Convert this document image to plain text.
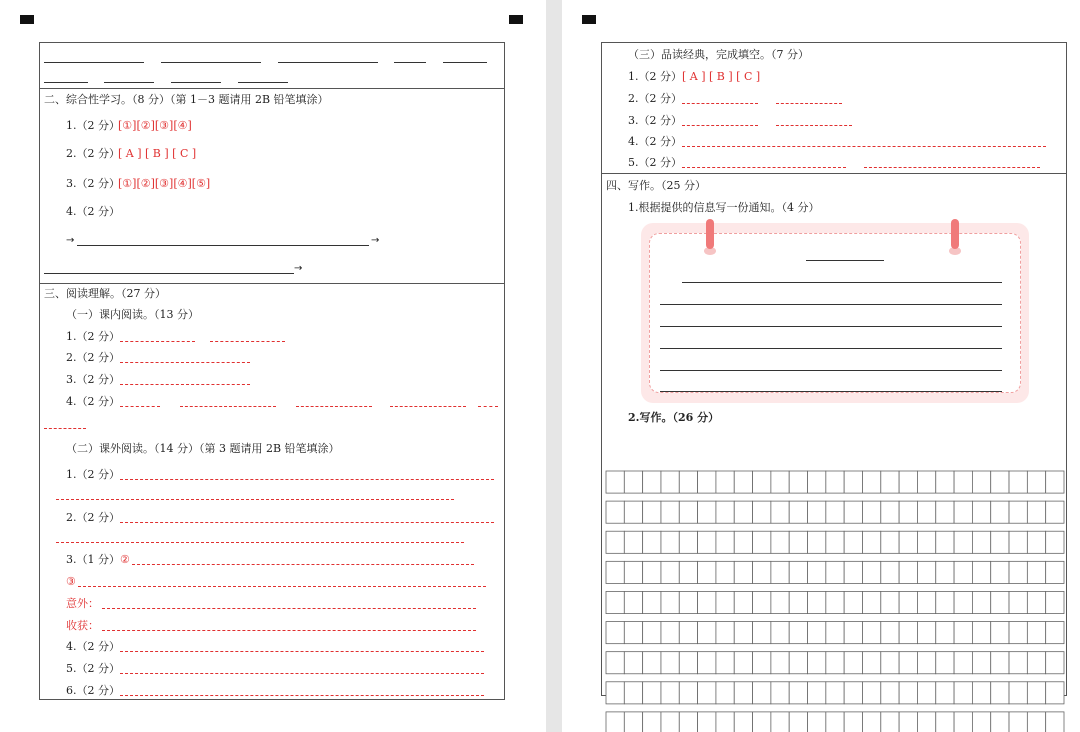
二、综合性学习。（8 分）（第 1－3 题请用 2B 铅笔填涂）
1.（2 分）
[①][②][③][④]
2.（2 分）
[ A ] [ B ] [ C ]
3.（2 分）
[①][②][③][④][⑤]
4.（2 分）
→	→
→
三、阅读理解。（27 分）
（一）课内阅读。（13 分）
1.（2 分）
2.（2 分）
3.（2 分）
4.（2 分）
（二）课外阅读。（14 分）（第 3 题请用 2B 铅笔填涂）
1.（2 分）
2.（2 分）
3.（1 分） ②
③
意外：
收获：
4.（2 分）
5.（2 分）
6.（2 分）
（三）品读经典，完成填空。（7 分）
1.（2 分） [ A ] [ B ] [ C ]
2.（2 分）
3.（2 分）
4.（2 分）
5.（2 分）
四、写作。（25 分）
1.根据提供的信息写一份通知。（4 分）
2.写作。（26 分）
